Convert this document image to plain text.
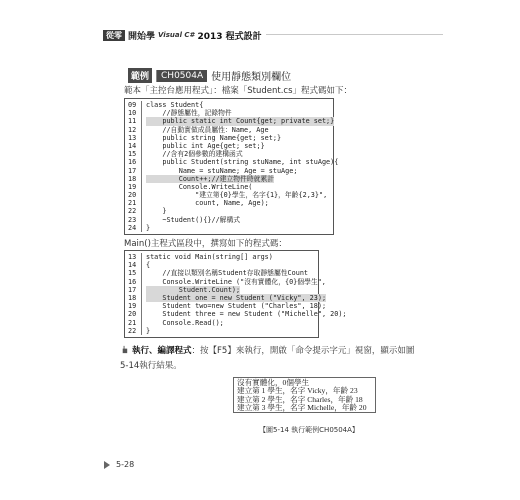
從零 開始學 Visual C# 2013 程式設計
範例	CH0504A 使用靜態類別欄位
範本「主控台應用程式」：檔案「Student.cs」程式碼如下：
09	class Student{
10	//靜態屬性，記錄物件
11	public static int Count{get; private set;}
12	//自動實做成員屬性：Name, Age
13	public string Name{get; set;}
14	public int Age{get; set;}
15	//含有2個參數的建構函式
16	public Student(string stuName, int stuAge){
17	Name = stuName; Age = stuAge;
18	Count++;//建立物件時就累計
19	Console.WriteLine(
20	"建立第{0}學生，名字{1}，年齡{2,3}",
21	count, Name, Age);
22	}
23	~Student(){}//解構式
24	}
Main()主程式區段中，撰寫如下的程式碼：
13	static void Main(string[] args)
14	{
15	//直接以類別名稱Student存取靜態屬性Count
16	Console.WriteLine ("沒有實體化，{0}個學生",
17	Student.Count);
18	Student one = new Student ("Vicky", 23);
19	Student two=new Student ("Charles", 18);
20	Student three = new Student ("Michelle", 20);
21	Console.Read();
22	}
執行、編譯程式：按【F5】來執行，開啟「命令提示字元」視窗，顯示如圖 5-14執行結果。
沒有實體化，0個學生
建立第 1 學生，名字 Vicky，年齡 23
建立第 2 學生，名字 Charles，年齡 18
建立第 3 學生，名字 Michelle，年齡 20
【圖5-14 執行範例CH0504A】
5-28
